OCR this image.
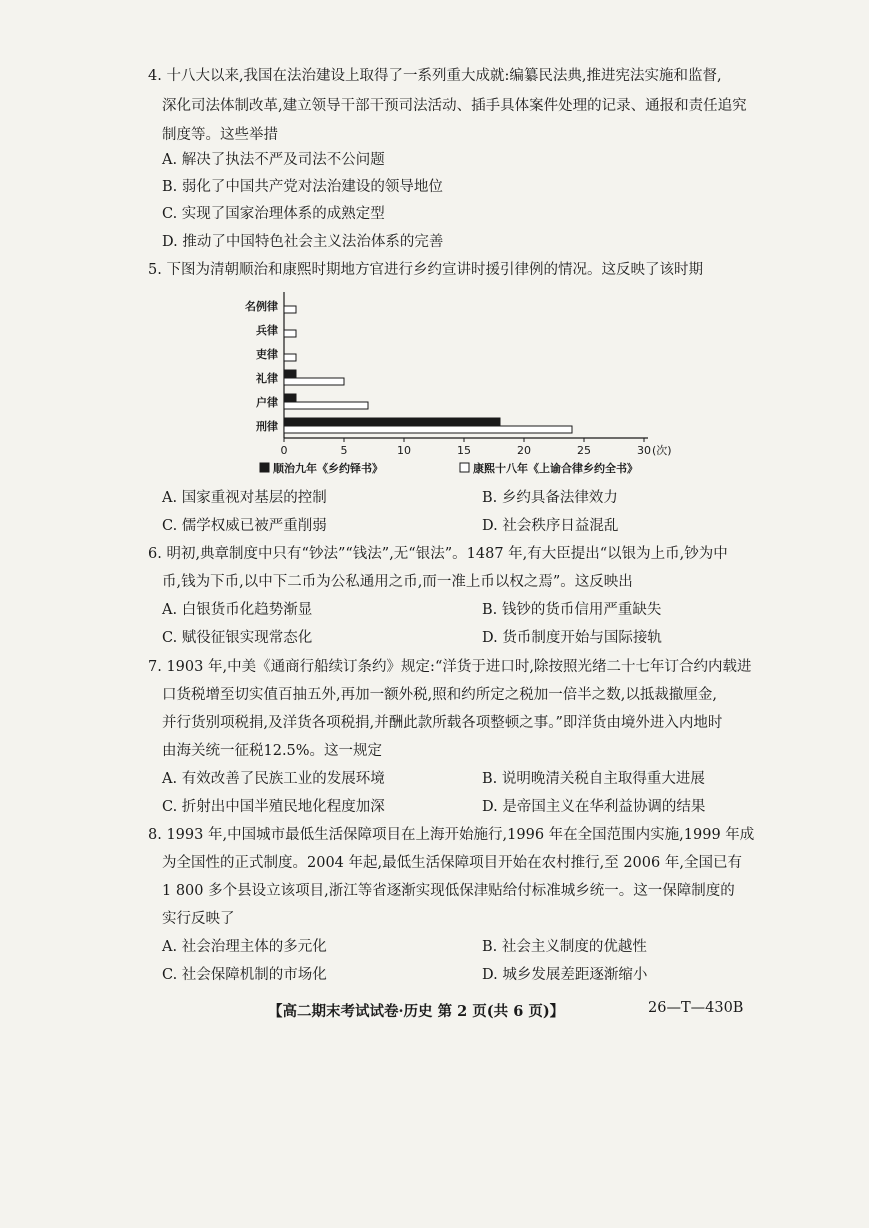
4. 十八大以来,我国在法治建设上取得了一系列重大成就:编纂民法典,推进宪法实施和监督,
深化司法体制改革,建立领导干部干预司法活动、插手具体案件处理的记录、通报和责任追究
制度等。这些举措
A. 解决了执法不严及司法不公问题
B. 弱化了中国共产党对法治建设的领导地位
C. 实现了国家治理体系的成熟定型
D. 推动了中国特色社会主义法治体系的完善
5. 下图为清朝顺治和康熙时期地方官进行乡约宣讲时援引律例的情况。这反映了该时期
0	5	10	15	20	25	30 (次)
名例律
兵律
吏律
礼律
户律
刑律
顺治九年《乡约铎书》	康熙十八年《上谕合律乡约全书》
A. 国家重视对基层的控制	B. 乡约具备法律效力
C. 儒学权威已被严重削弱	D. 社会秩序日益混乱
6. 明初,典章制度中只有“钞法”“钱法”,无“银法”。1487 年,有大臣提出“以银为上币,钞为中
币,钱为下币,以中下二币为公私通用之币,而一准上币以权之焉”。这反映出
A. 白银货币化趋势渐显	B. 钱钞的货币信用严重缺失
C. 赋役征银实现常态化	D. 货币制度开始与国际接轨
7. 1903 年,中美《通商行船续订条约》规定:“洋货于进口时,除按照光绪二十七年订合约内载进
口货税增至切实值百抽五外,再加一额外税,照和约所定之税加一倍半之数,以抵裁撤厘金,
并行货别项税捐,及洋货各项税捐,并酬此款所载各项整顿之事。”即洋货由境外进入内地时
由海关统一征税12.5%。这一规定
A. 有效改善了民族工业的发展环境	B. 说明晚清关税自主取得重大进展
C. 折射出中国半殖民地化程度加深	D. 是帝国主义在华利益协调的结果
8. 1993 年,中国城市最低生活保障项目在上海开始施行,1996 年在全国范围内实施,1999 年成
为全国性的正式制度。2004 年起,最低生活保障项目开始在农村推行,至 2006 年,全国已有
1 800 多个县设立该项目,浙江等省逐渐实现低保津贴给付标准城乡统一。这一保障制度的
实行反映了
A. 社会治理主体的多元化	B. 社会主义制度的优越性
C. 社会保障机制的市场化	D. 城乡发展差距逐渐缩小
【高二期末考试试卷·历史 第 2 页(共 6 页)】	26—T—430B
